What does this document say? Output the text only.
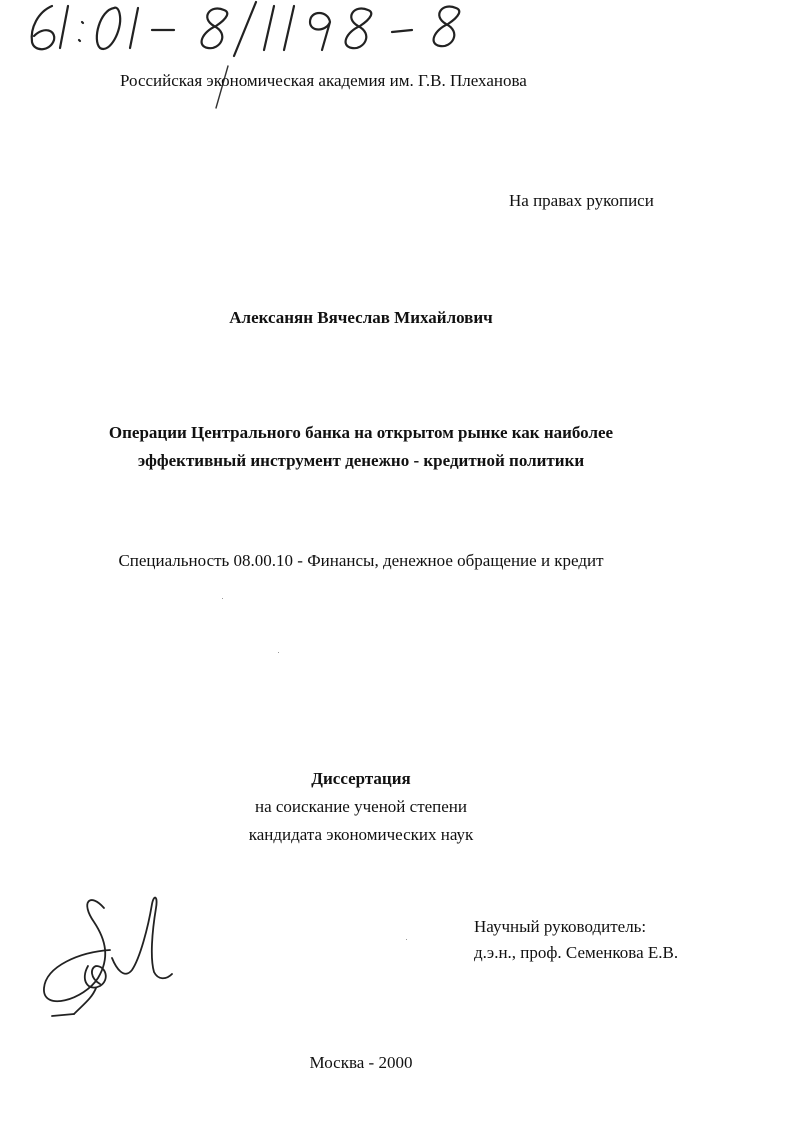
61: 01- 8/1198 - 8
Российская экономическая академия им. Г.В. Плеханова
На правах рукописи
Алексанян Вячеслав Михайлович
Операции Центрального банка на открытом рынке как наиболее
эффективный инструмент денежно - кредитной политики
Специальность 08.00.10 - Финансы, денежное обращение и кредит
Диссертация
на соискание ученой степени
кандидата экономических наук
Научный руководитель:
д.э.н., проф. Семенкова Е.В.
Москва - 2000
